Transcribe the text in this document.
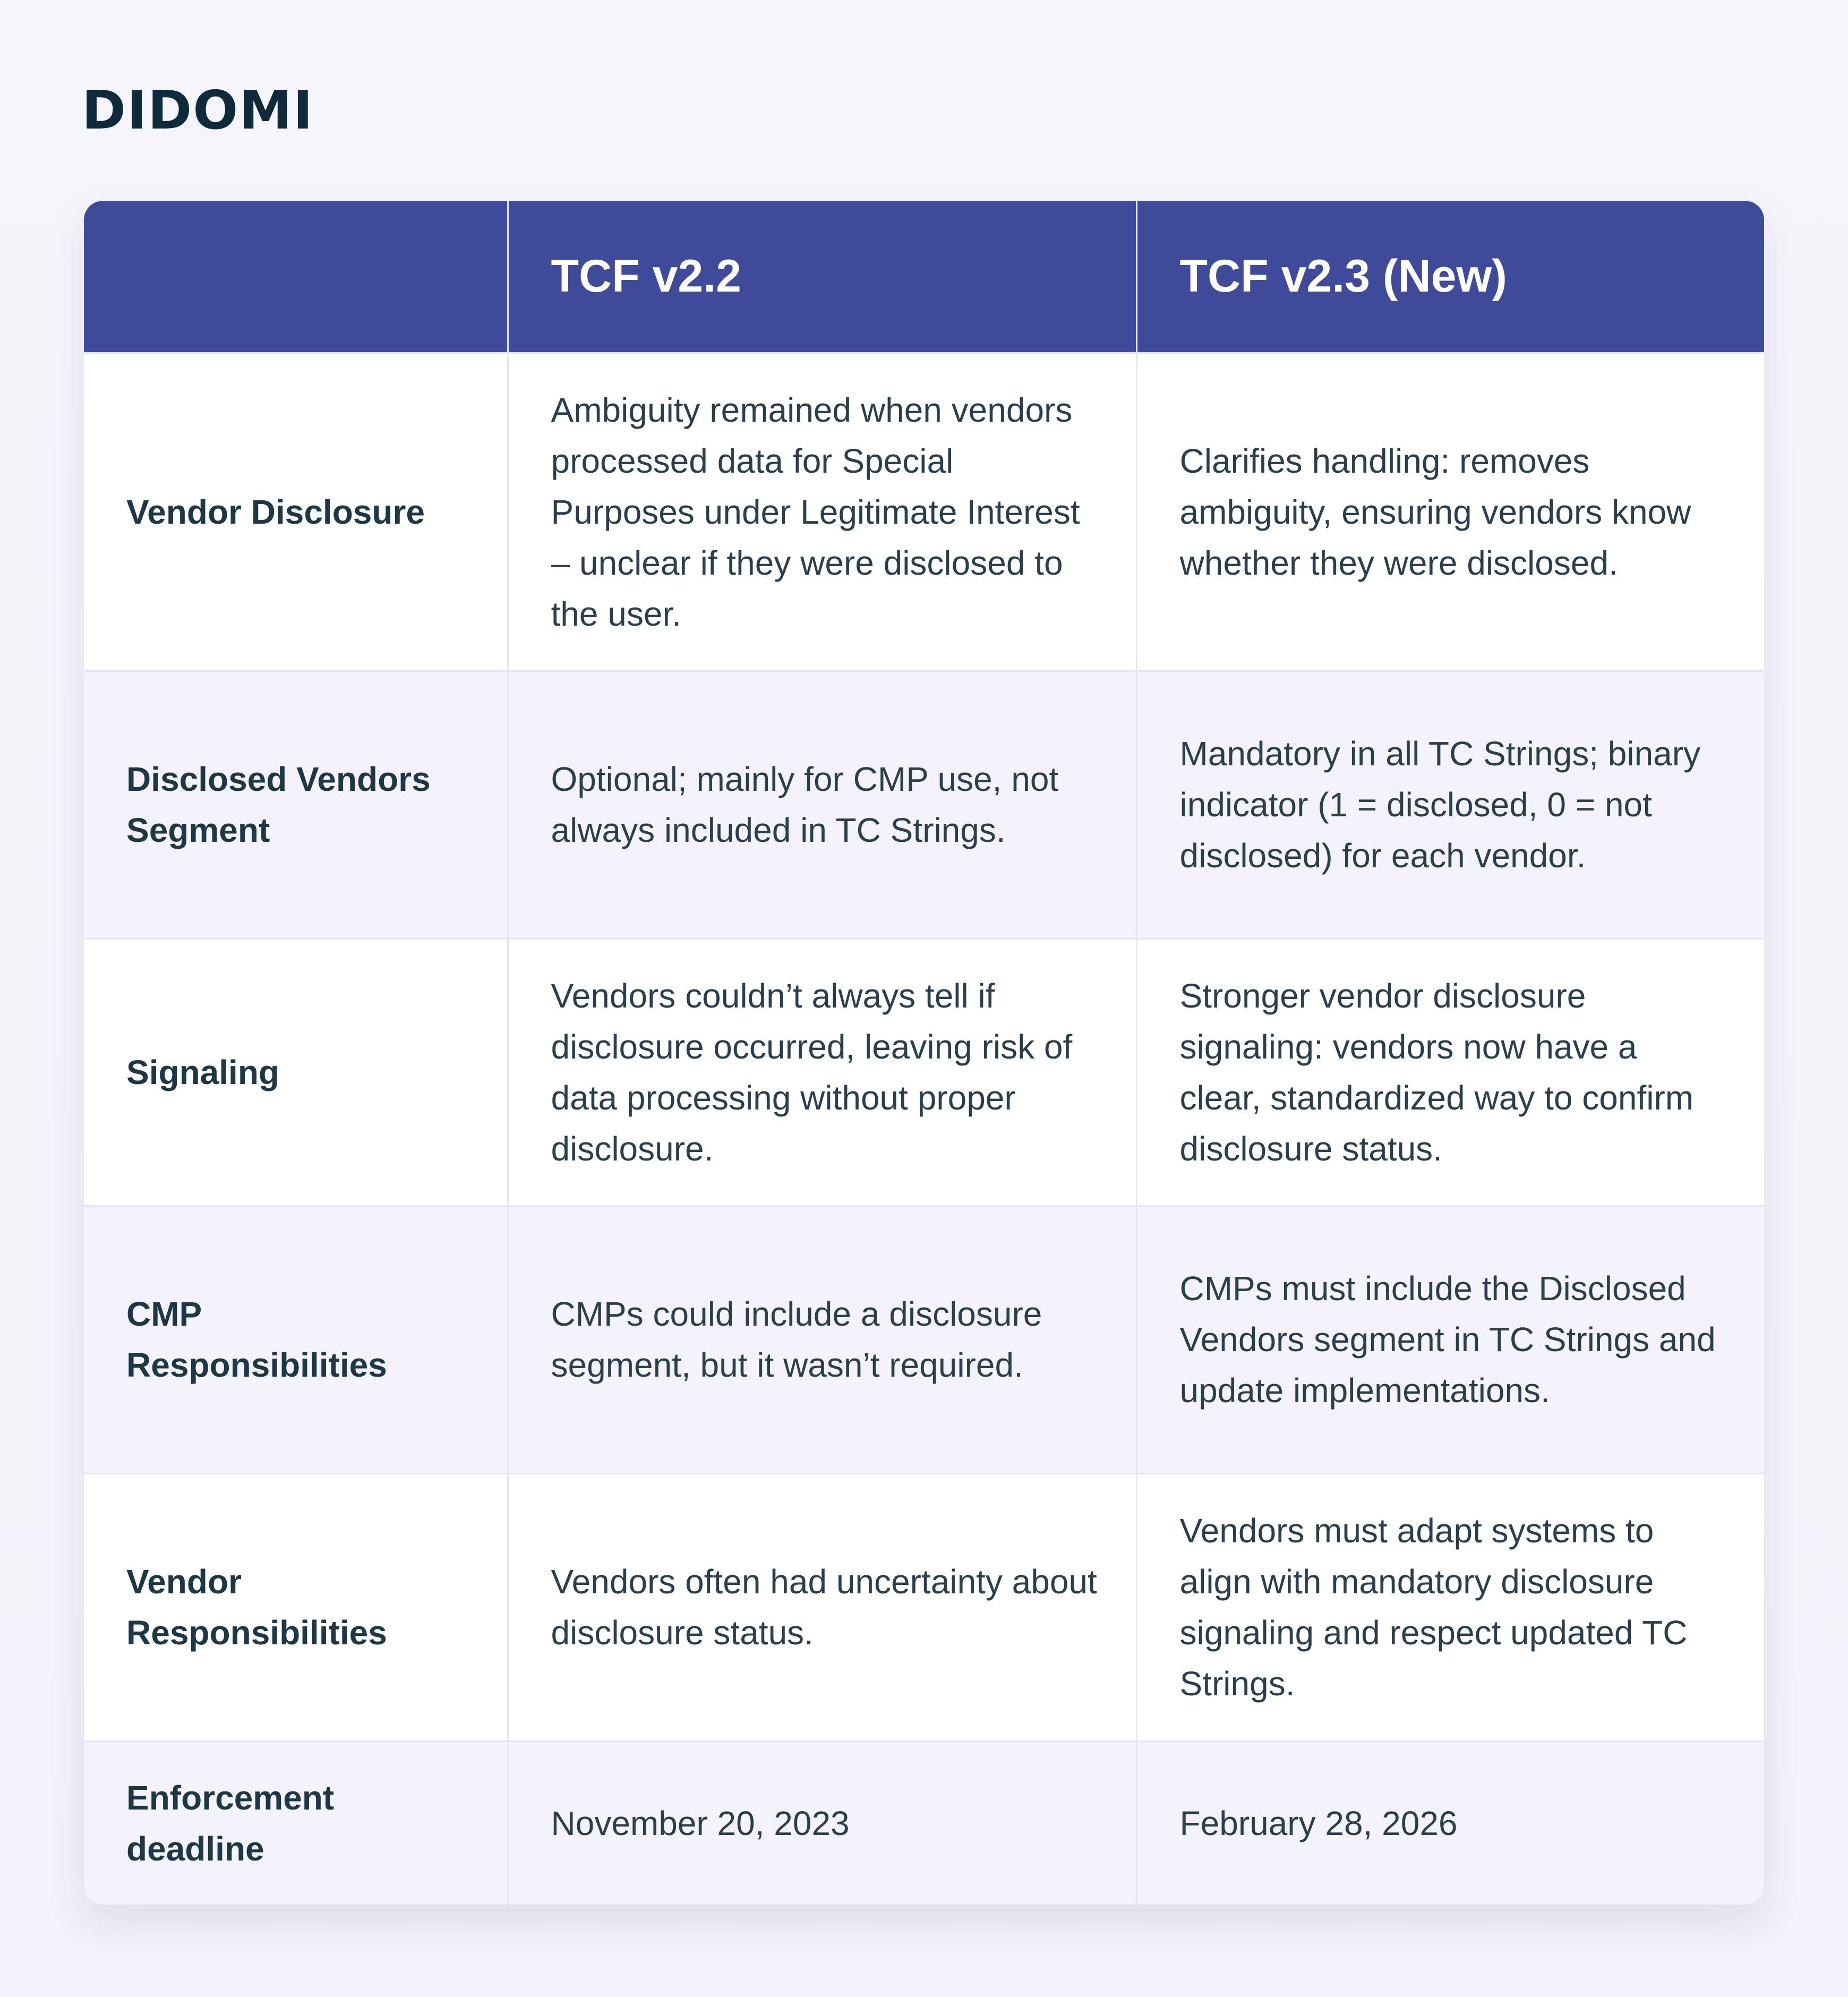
DIDOMI
	TCF v2.2	TCF v2.3 (New)
Vendor Disclosure	Ambiguity remained when vendors processed data for Special Purposes under Legitimate Interest – unclear if they were disclosed to the user.	Clarifies handling: removes ambiguity, ensuring vendors know whether they were disclosed.
Disclosed Vendors Segment	Optional; mainly for CMP use, not always included in TC Strings.	Mandatory in all TC Strings; binary indicator (1 = disclosed, 0 = not disclosed) for each vendor.
Signaling	Vendors couldn’t always tell if disclosure occurred, leaving risk of data processing without proper disclosure.	Stronger vendor disclosure signaling: vendors now have a clear, standardized way to confirm disclosure status.
CMP Responsibilities	CMPs could include a disclosure segment, but it wasn’t required.	CMPs must include the Disclosed Vendors segment in TC Strings and update implementations.
Vendor Responsibilities	Vendors often had uncertainty about disclosure status.	Vendors must adapt systems to align with mandatory disclosure signaling and respect updated TC Strings.
Enforcement deadline	November 20, 2023	February 28, 2026
